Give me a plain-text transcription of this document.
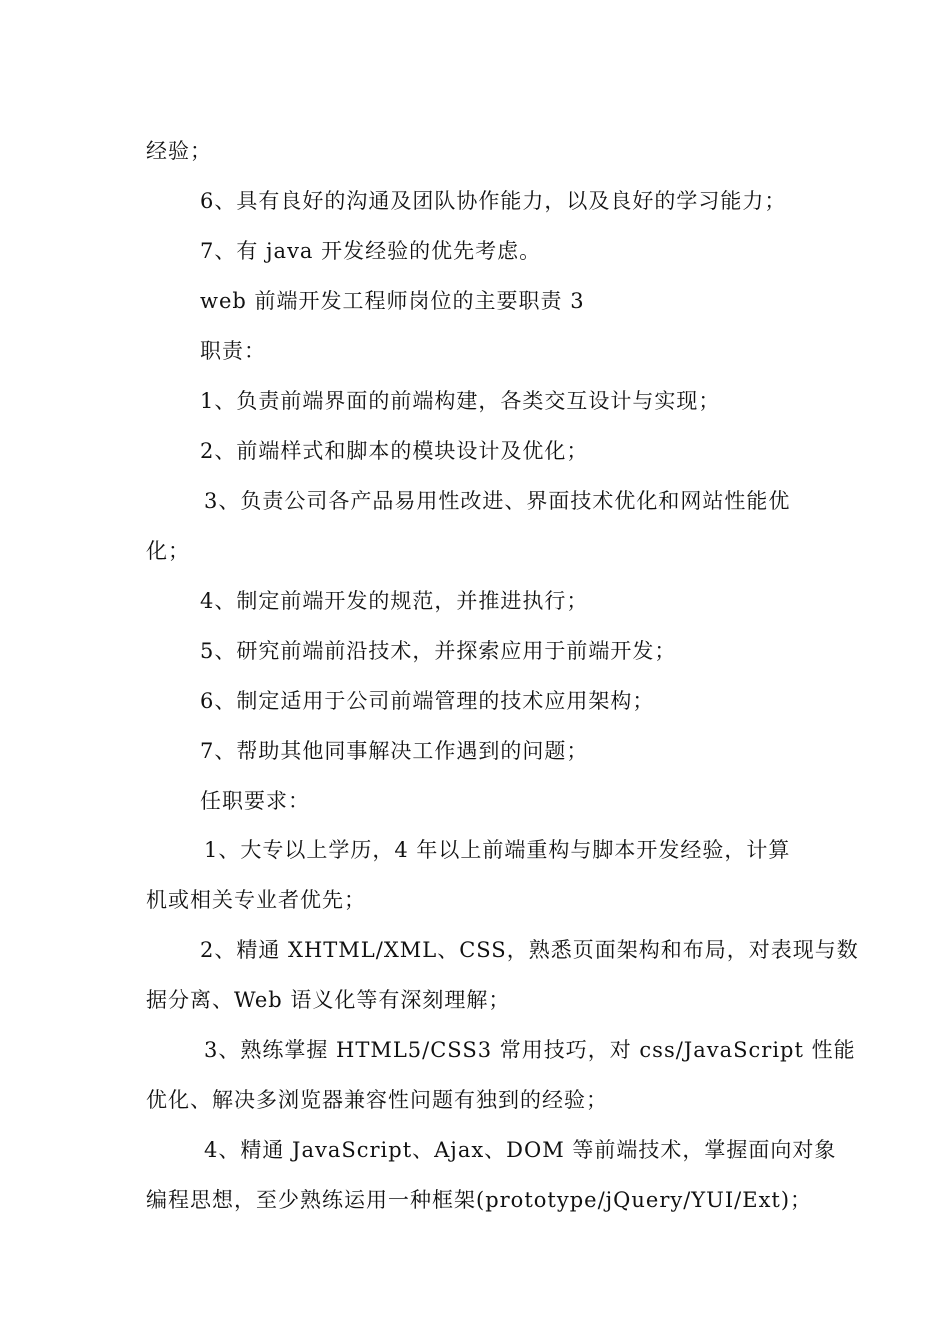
经验；
6、具有良好的沟通及团队协作能力，以及良好的学习能力；
7、有 java 开发经验的优先考虑。
web 前端开发工程师岗位的主要职责 3
职责：
1、负责前端界面的前端构建，各类交互设计与实现；
2、前端样式和脚本的模块设计及优化；
3、负责公司各产品易用性改进、界面技术优化和网站性能优
化；
4、制定前端开发的规范，并推进执行；
5、研究前端前沿技术，并探索应用于前端开发；
6、制定适用于公司前端管理的技术应用架构；
7、帮助其他同事解决工作遇到的问题；
任职要求：
1、大专以上学历，4 年以上前端重构与脚本开发经验，计算
机或相关专业者优先；
2、精通 XHTML/XML、CSS，熟悉页面架构和布局，对表现与数
据分离、Web 语义化等有深刻理解；
3、熟练掌握 HTML5/CSS3 常用技巧，对 css/JavaScript 性能
优化、解决多浏览器兼容性问题有独到的经验；
4、精通 JavaScript、Ajax、DOM 等前端技术，掌握面向对象
编程思想，至少熟练运用一种框架(prototype/jQuery/YUI/Ext)；
